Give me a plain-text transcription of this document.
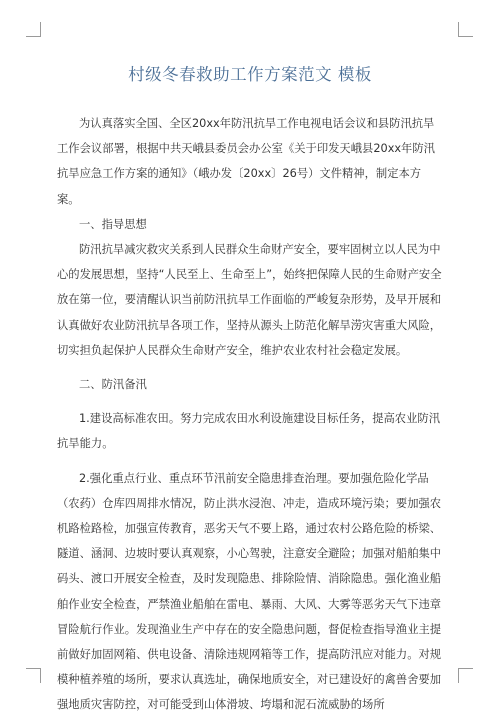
村级冬春救助工作方案范文 模板

为认真落实全国、全区20xx年防汛抗旱工作电视电话会议和县防汛抗旱工作会议部署，根据中共天峨县委员会办公室《关于印发天峨县20xx年防汛抗旱应急工作方案的通知》（峨办发〔20xx〕26号）文件精神，制定本方案。

一、指导思想

防汛抗旱减灾救灾关系到人民群众生命财产安全，要牢固树立以人民为中心的发展思想，坚持“人民至上、生命至上”，始终把保障人民的生命财产安全放在第一位，要清醒认识当前防汛抗旱工作面临的严峻复杂形势，及早开展和认真做好农业防汛抗旱各项工作，坚持从源头上防范化解旱涝灾害重大风险，切实担负起保护人民群众生命财产安全，维护农业农村社会稳定发展。

二、防汛备汛

1.建设高标准农田。努力完成农田水利设施建设目标任务，提高农业防汛抗旱能力。

2.强化重点行业、重点环节汛前安全隐患排查治理。要加强危险化学品（农药）仓库四周排水情况，防止洪水浸泡、冲走，造成环境污染；要加强农机路检路检，加强宣传教育，恶劣天气不要上路，通过农村公路危险的桥梁、隧道、涵洞、边坡时要认真观察，小心驾驶，注意安全避险；加强对船舶集中码头、渡口开展安全检查，及时发现隐患、排除险情、消除隐患。强化渔业船舶作业安全检查，严禁渔业船舶在雷电、暴雨、大风、大雾等恶劣天气下违章冒险航行作业。发现渔业生产中存在的安全隐患问题，督促检查指导渔业主提前做好加固网箱、供电设备、清除违规网箱等工作，提高防汛应对能力。对规模种植养殖的场所，要求认真选址，确保地质安全，对已建设好的禽兽舍要加强地质灾害防控，对可能受到山体滑坡、垮塌和泥石流威胁的场所
